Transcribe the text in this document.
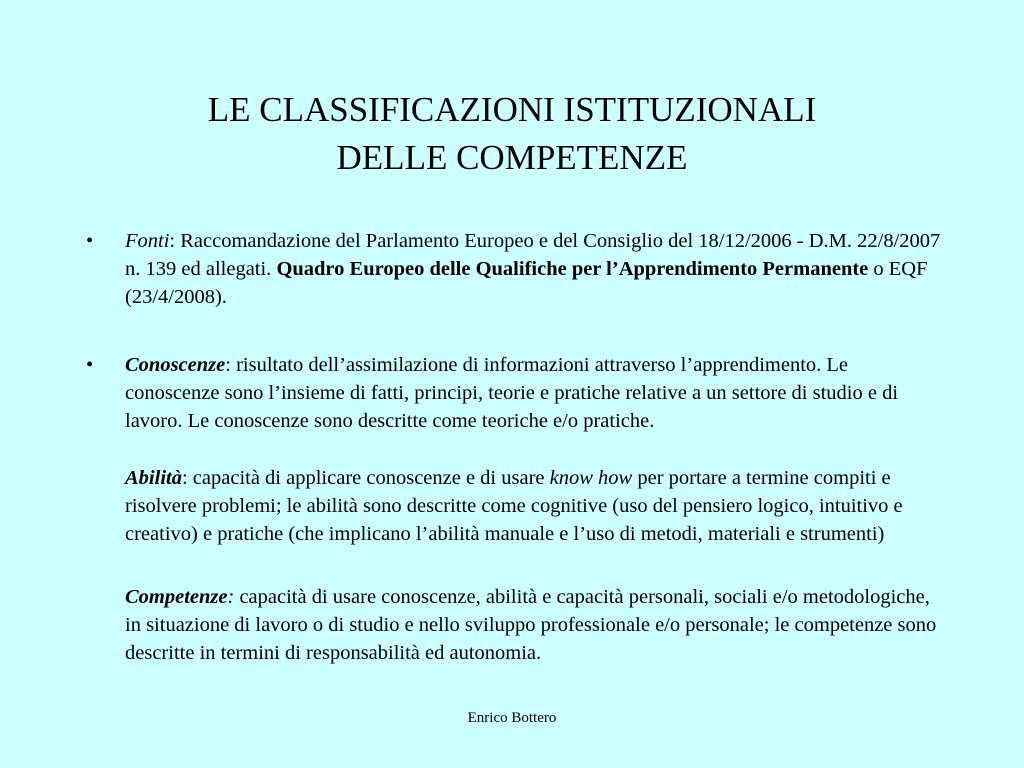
LE CLASSIFICAZIONI ISTITUZIONALI
DELLE COMPETENZE
•	Fonti: Raccomandazione del Parlamento Europeo e del Consiglio del 18/12/2006 - D.M. 22/8/2007 n. 139 ed allegati. Quadro Europeo delle Qualifiche per l’Apprendimento Permanente o EQF (23/4/2008).
•	Conoscenze: risultato dell’assimilazione di informazioni attraverso l’apprendimento. Le conoscenze sono l’insieme di fatti, principi, teorie e pratiche relative a un settore di studio e di lavoro. Le conoscenze sono descritte come teoriche e/o pratiche.
Abilità: capacità di applicare conoscenze e di usare know how per portare a termine compiti e risolvere problemi; le abilità sono descritte come cognitive (uso del pensiero logico, intuitivo e creativo) e pratiche (che implicano l’abilità manuale e l’uso di metodi, materiali e strumenti)
Competenze: capacità di usare conoscenze, abilità e capacità personali, sociali e/o metodologiche, in situazione di lavoro o di studio e nello sviluppo professionale e/o personale; le competenze sono descritte in termini di responsabilità ed autonomia.
Enrico Bottero
